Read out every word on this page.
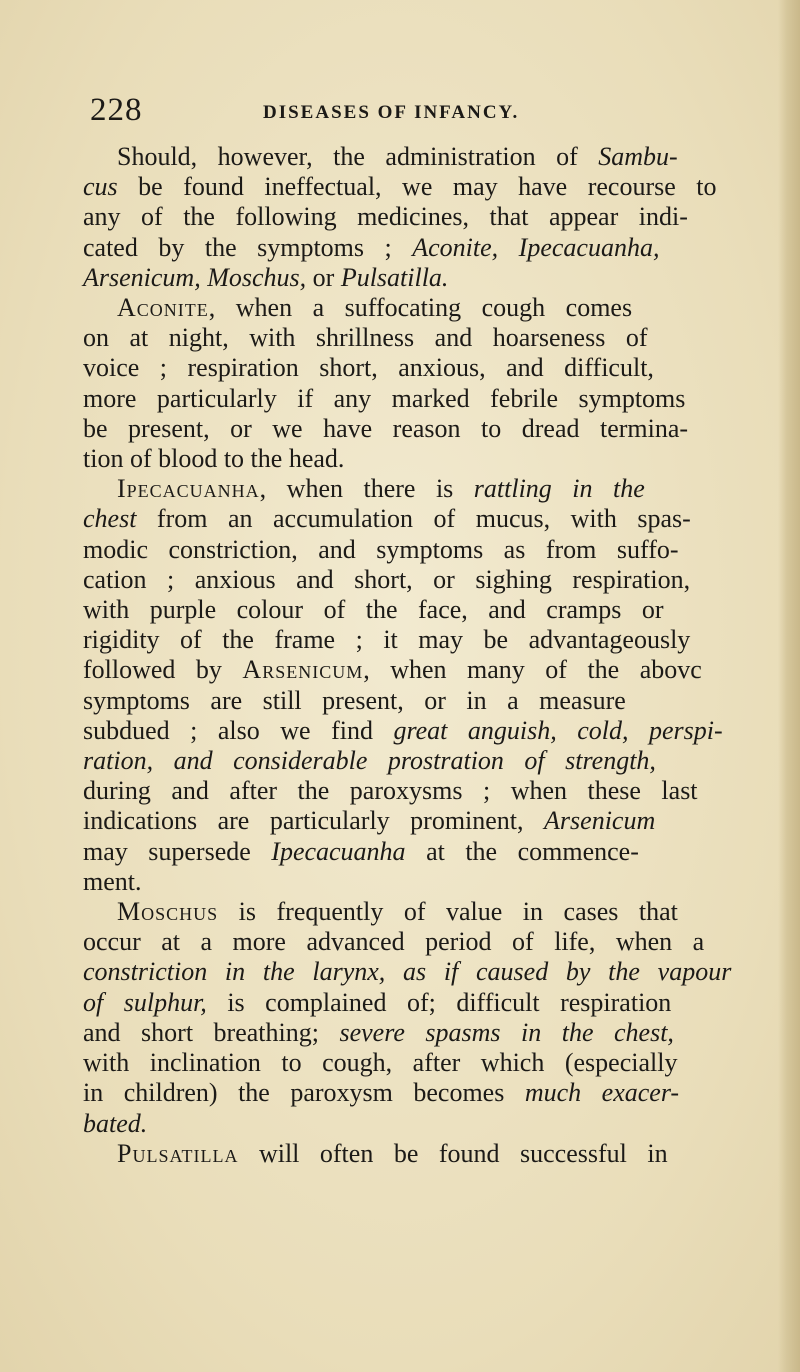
228	DISEASES OF INFANCY.
Should, however, the administration of Sambu-
cus be found ineffectual, we may have recourse to
any of the following medicines, that appear indi-
cated by the symptoms ; Aconite, Ipecacuanha,
Arsenicum, Moschus, or Pulsatilla.
Aconite, when a suffocating cough comes
on at night, with shrillness and hoarseness of
voice ; respiration short, anxious, and difficult,
more particularly if any marked febrile symptoms
be present, or we have reason to dread termina-
tion of blood to the head.
Ipecacuanha, when there is rattling in the
chest from an accumulation of mucus, with spas-
modic constriction, and symptoms as from suffo-
cation ; anxious and short, or sighing respiration,
with purple colour of the face, and cramps or
rigidity of the frame ; it may be advantageously
followed by Arsenicum, when many of the abovc
symptoms are still present, or in a measure
subdued ; also we find great anguish, cold, perspi-
ration, and considerable prostration of strength,
during and after the paroxysms ; when these last
indications are particularly prominent, Arsenicum
may supersede Ipecacuanha at the commence-
ment.
Moschus is frequently of value in cases that
occur at a more advanced period of life, when a
constriction in the larynx, as if caused by the vapour
of sulphur, is complained of; difficult respiration
and short breathing; severe spasms in the chest,
with inclination to cough, after which (especially
in children) the paroxysm becomes much exacer-
bated.
Pulsatilla will often be found successful in
